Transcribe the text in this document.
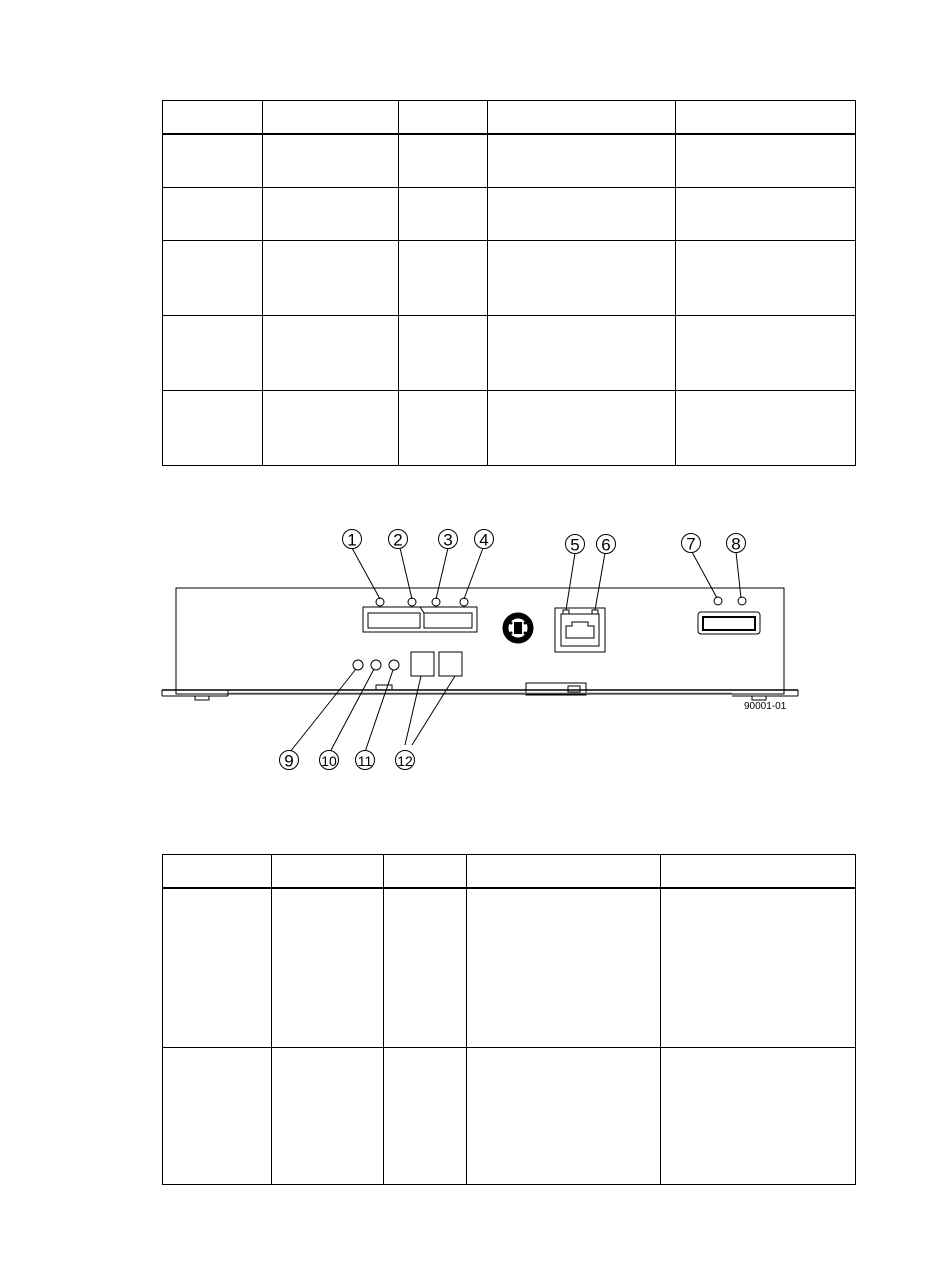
1 2 3 4	5 6	7 8
9 10 11 12
90001-01
